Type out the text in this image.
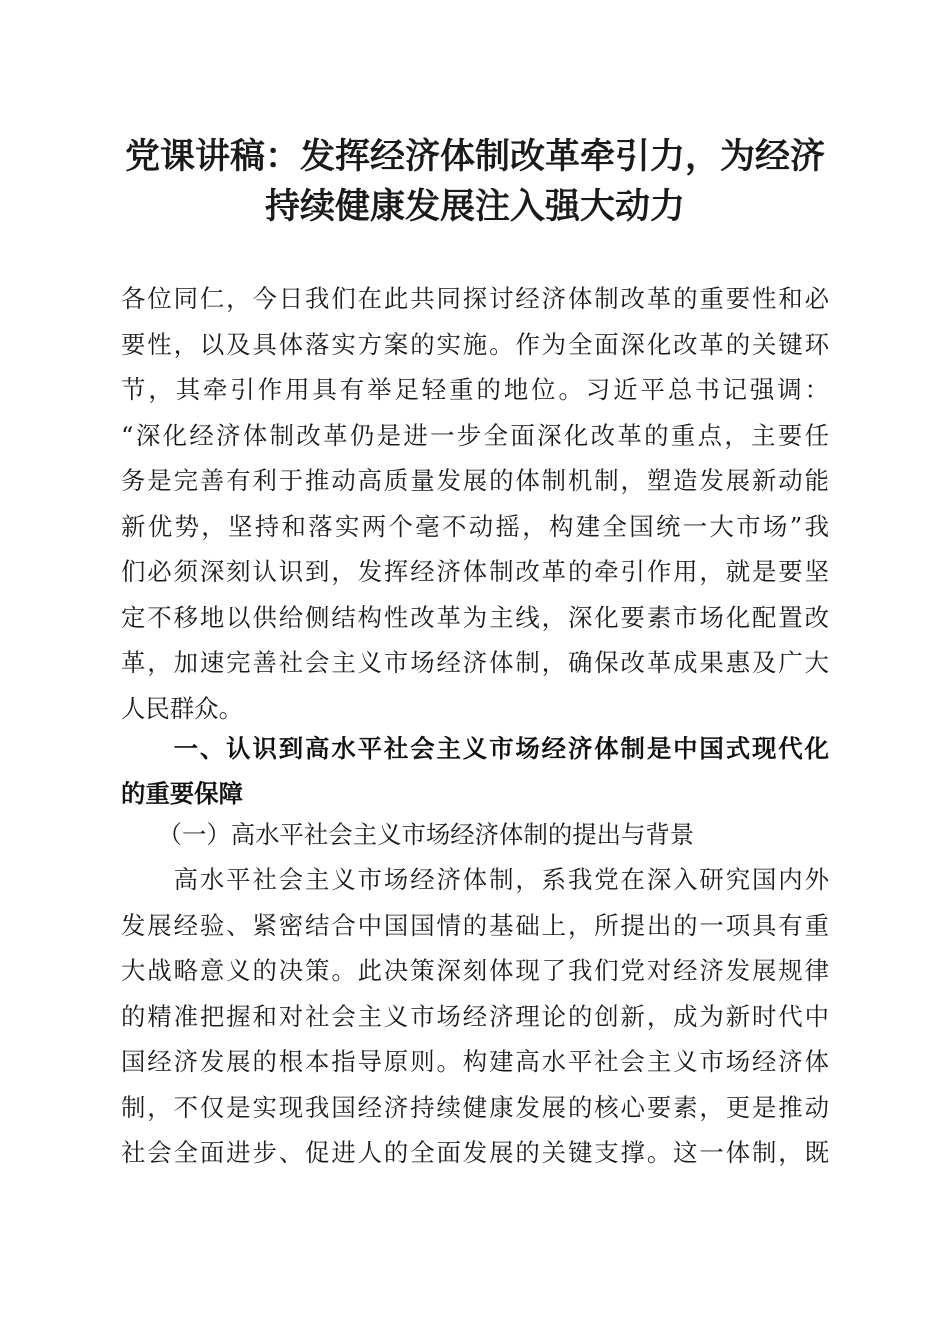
党课讲稿：发挥经济体制改革牵引力，为经济
持续健康发展注入强大动力
各位同仁，今日我们在此共同探讨经济体制改革的重要性和必
要性，以及具体落实方案的实施。作为全面深化改革的关键环
节，其牵引作用具有举足轻重的地位。习近平总书记强调：
“深化经济体制改革仍是进一步全面深化改革的重点，主要任
务是完善有利于推动高质量发展的体制机制，塑造发展新动能
新优势，坚持和落实两个毫不动摇，构建全国统一大市场”我
们必须深刻认识到，发挥经济体制改革的牵引作用，就是要坚
定不移地以供给侧结构性改革为主线，深化要素市场化配置改
革，加速完善社会主义市场经济体制，确保改革成果惠及广大
人民群众。
　　一、认识到高水平社会主义市场经济体制是中国式现代化
的重要保障
　　（一）高水平社会主义市场经济体制的提出与背景
　　高水平社会主义市场经济体制，系我党在深入研究国内外
发展经验、紧密结合中国国情的基础上，所提出的一项具有重
大战略意义的决策。此决策深刻体现了我们党对经济发展规律
的精准把握和对社会主义市场经济理论的创新，成为新时代中
国经济发展的根本指导原则。构建高水平社会主义市场经济体
制，不仅是实现我国经济持续健康发展的核心要素，更是推动
社会全面进步、促进人的全面发展的关键支撑。这一体制，既
